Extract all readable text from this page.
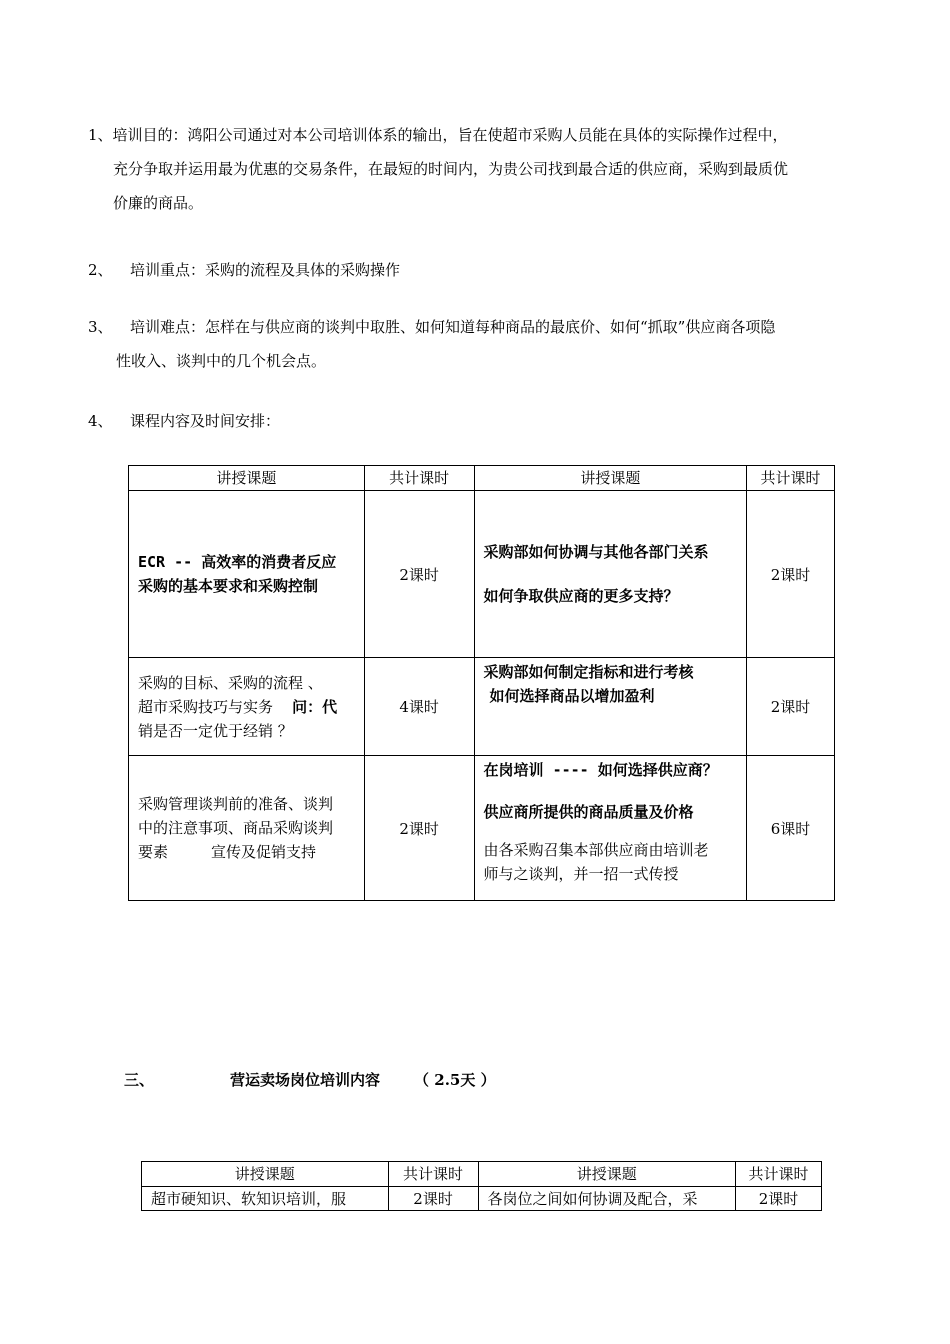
1、培训目的：鸿阳公司通过对本公司培训体系的输出，旨在使超市采购人员能在具体的实际操作过程中，
充分争取并运用最为优惠的交易条件，在最短的时间内，为贵公司找到最合适的供应商，采购到最质优
价廉的商品。
2、 培训重点：采购的流程及具体的采购操作
3、 培训难点：怎样在与供应商的谈判中取胜、如何知道每种商品的最底价、如何“抓取”供应商各项隐
性收入、谈判中的几个机会点。
4、 课程内容及时间安排：
讲授课题	共计课时	讲授课题	共计课时

ECR -- 高效率的消费者反应
采购的基本要求和采购控制	2课时	采购部如何协调与其他各部门关系
如何争取供应商的更多支持？	2课时

采购的目标、采购的流程 、
超市采购技巧与实务 问：代
销是否一定优于经销 ？	4课时	采购部如何制定指标和进行考核
如何选择商品以增加盈利	2课时

采购管理谈判前的准备、谈判
中的注意事项、商品采购谈判
要素 宣传及促销支持	2课时	在岗培训 ---- 如何选择供应商？
供应商所提供的商品质量及价格
由各采购召集本部供应商由培训老
师与之谈判，并一招一式传授	6课时
三、	营运卖场岗位培训内容 （ 2.5天 ）
讲授课题	共计课时	讲授课题	共计课时
超市硬知识、软知识培训，服	2课时	各岗位之间如何协调及配合，采	2课时
